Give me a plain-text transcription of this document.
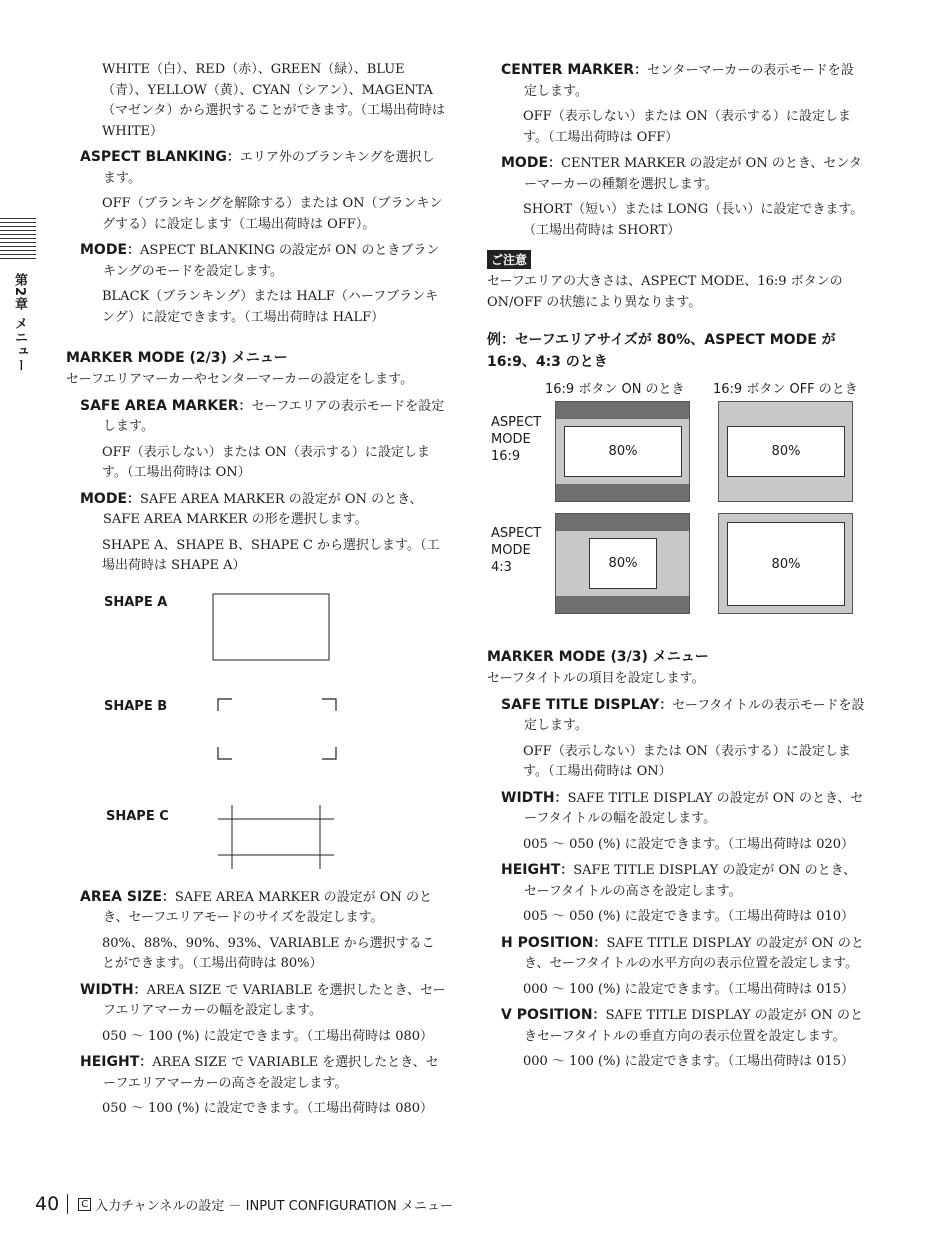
第2章 メニュー

WHITE（白）、RED（赤）、GREEN（緑）、BLUE（青）、YELLOW（黄）、CYAN（シアン）、MAGENTA（マゼンタ）から選択することができます。（工場出荷時は WHITE）

ASPECT BLANKING：エリア外のブランキングを選択します。

OFF（ブランキングを解除する）または ON（ブランキングする）に設定します（工場出荷時は OFF）。

MODE：ASPECT BLANKING の設定が ON のときブランキングのモードを設定します。

BLACK（ブランキング）または HALF（ハーフブランキング）に設定できます。（工場出荷時は HALF）

MARKER MODE (2/3) メニュー

セーフエリアマーカーやセンターマーカーの設定をします。

SAFE AREA MARKER：セーフエリアの表示モードを設定します。

OFF（表示しない）または ON（表示する）に設定します。（工場出荷時は ON）

MODE：SAFE AREA MARKER の設定が ON のとき、SAFE AREA MARKER の形を選択します。

SHAPE A、SHAPE B、SHAPE C から選択します。（工場出荷時は SHAPE A）

SHAPE A
SHAPE B
SHAPE C

AREA SIZE：SAFE AREA MARKER の設定が ON のとき、セーフエリアモードのサイズを設定します。

80%、88%、90%、93%、VARIABLE から選択することができます。（工場出荷時は 80%）

WIDTH：AREA SIZE で VARIABLE を選択したとき、セーフエリアマーカーの幅を設定します。

050 ～ 100 (%) に設定できます。（工場出荷時は 080）

HEIGHT：AREA SIZE で VARIABLE を選択したとき、セーフエリアマーカーの高さを設定します。

050 ～ 100 (%) に設定できます。（工場出荷時は 080）

CENTER MARKER：センターマーカーの表示モードを設定します。

OFF（表示しない）または ON（表示する）に設定します。（工場出荷時は OFF）

MODE：CENTER MARKER の設定が ON のとき、センターマーカーの種類を選択します。

SHORT（短い）または LONG（長い）に設定できます。（工場出荷時は SHORT）

ご注意

セーフエリアの大きさは、ASPECT MODE、16:9 ボタンの ON/OFF の状態により異なります。

例：セーフエリアサイズが 80%、ASPECT MODE が 16:9、4:3 のとき
16:9 ボタン ON のとき 16:9 ボタン OFF のとき
ASPECT MODE 16:9
ASPECT MODE 4:3
80%	80%
80%	80%
MARKER MODE (3/3) メニュー

セーフタイトルの項目を設定します。

SAFE TITLE DISPLAY：セーフタイトルの表示モードを設定します。

OFF（表示しない）または ON（表示する）に設定します。（工場出荷時は ON）

WIDTH：SAFE TITLE DISPLAY の設定が ON のとき、セーフタイトルの幅を設定します。

005 ～ 050 (%) に設定できます。（工場出荷時は 020）

HEIGHT：SAFE TITLE DISPLAY の設定が ON のとき、セーフタイトルの高さを設定します。

005 ～ 050 (%) に設定できます。（工場出荷時は 010）

H POSITION：SAFE TITLE DISPLAY の設定が ON のとき、セーフタイトルの水平方向の表示位置を設定します。

000 ～ 100 (%) に設定できます。（工場出荷時は 015）

V POSITION：SAFE TITLE DISPLAY の設定が ON のときセーフタイトルの垂直方向の表示位置を設定します。

000 ～ 100 (%) に設定できます。（工場出荷時は 015）

40	C 入力チャンネルの設定 － INPUT CONFIGURATION メニュー
